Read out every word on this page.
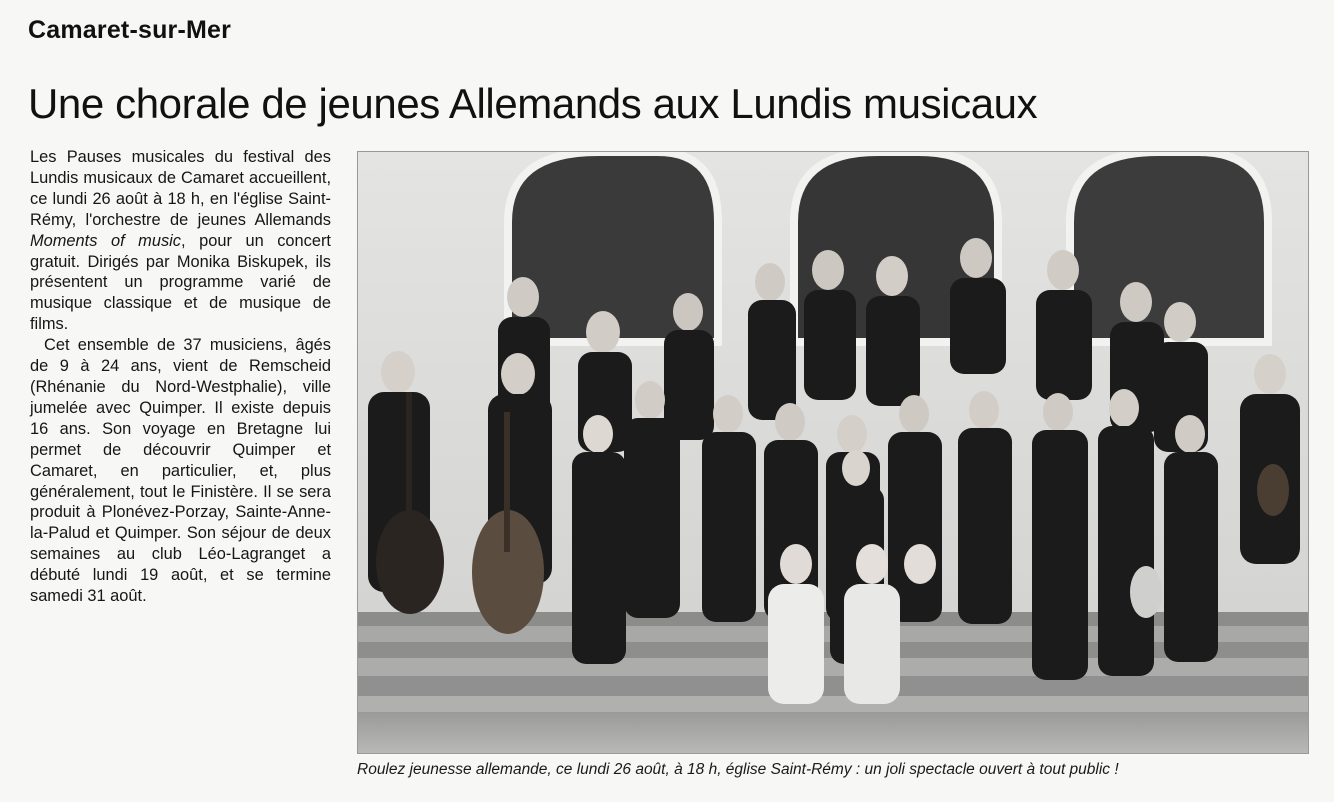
Camaret-sur-Mer
Une chorale de jeunes Allemands aux Lundis musicaux

Les Pauses musicales du festival des Lundis musicaux de Camaret accueillent, ce lundi 26 août à 18 h, en l'église Saint-Rémy, l'orchestre de jeunes Allemands Moments of music, pour un concert gratuit. Dirigés par Monika Biskupek, ils présentent un programme varié de musique classique et de musique de films.

Cet ensemble de 37 musiciens, âgés de 9 à 24 ans, vient de Remscheid (Rhénanie du Nord-Westphalie), ville jumelée avec Quimper. Il existe depuis 16 ans. Son voyage en Bretagne lui permet de découvrir Quimper et Camaret, en particulier, et, plus généralement, tout le Finistère. Il se sera produit à Plonévez-Porzay, Sainte-Anne-la-Palud et Quimper. Son séjour de deux semaines au club Léo-Lagranget a débuté lundi 19 août, et se termine samedi 31 août.

Roulez jeunesse allemande, ce lundi 26 août, à 18 h, église Saint-Rémy : un joli spectacle ouvert à tout public !
